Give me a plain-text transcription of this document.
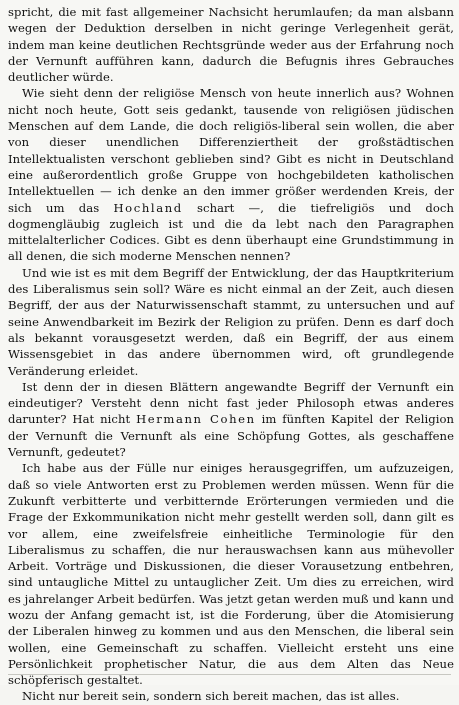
spricht, die mit fast allgemeiner Nachsicht herumlaufen; da man alsbann wegen der Deduktion derselben in nicht geringe Verlegenheit gerät, indem man keine deutlichen Rechtsgründe weder aus der Erfahrung noch der Vernunft aufführen kann, dadurch die Befugnis ihres Gebrauches deutlicher würde.

Wie sieht denn der religiöse Mensch von heute innerlich aus? Wohnen nicht noch heute, Gott seis gedankt, tausende von religiösen jüdischen Menschen auf dem Lande, die doch religiös-liberal sein wollen, die aber von dieser unendlichen Differenziertheit der großstädtischen Intellektualisten verschont geblieben sind? Gibt es nicht in Deutschland eine außerordentlich große Gruppe von hochgebildeten katholischen Intellektuellen — ich denke an den immer größer werdenden Kreis, der sich um das Hochland schart —, die tiefreligiös und doch dogmengläubig zugleich ist und die da lebt nach den Paragraphen mittelalterlicher Codices. Gibt es denn überhaupt eine Grundstimmung in all denen, die sich moderne Menschen nennen?

Und wie ist es mit dem Begriff der Entwicklung, der das Hauptkriterium des Liberalismus sein soll? Wäre es nicht einmal an der Zeit, auch diesen Begriff, der aus der Naturwissenschaft stammt, zu untersuchen und auf seine Anwendbarkeit im Bezirk der Religion zu prüfen. Denn es darf doch als bekannt vorausgesetzt werden, daß ein Begriff, der aus einem Wissensgebiet in das andere übernommen wird, oft grundlegende Veränderung erleidet.

Ist denn der in diesen Blättern angewandte Begriff der Vernunft ein eindeutiger? Versteht denn nicht fast jeder Philosoph etwas anderes darunter? Hat nicht Hermann Cohen im fünften Kapitel der Religion der Vernunft die Vernunft als eine Schöpfung Gottes, als geschaffene Vernunft, gedeutet?

Ich habe aus der Fülle nur einiges herausgegriffen, um aufzuzeigen, daß so viele Antworten erst zu Problemen werden müssen. Wenn für die Zukunft verbitterte und verbitternde Erörterungen vermieden und die Frage der Exkommunikation nicht mehr gestellt werden soll, dann gilt es vor allem, eine zweifelsfreie einheitliche Terminologie für den Liberalismus zu schaffen, die nur herauswachsen kann aus mühevoller Arbeit. Vorträge und Diskussionen, die dieser Vorausetzung entbehren, sind untaugliche Mittel zu untauglicher Zeit. Um dies zu erreichen, wird es jahrelanger Arbeit bedürfen. Was jetzt getan werden muß und kann und wozu der Anfang gemacht ist, ist die Forderung, über die Atomisierung der Liberalen hinweg zu kommen und aus den Menschen, die liberal sein wollen, eine Gemeinschaft zu schaffen. Vielleicht ersteht uns eine Persönlichkeit prophetischer Natur, die aus dem Alten das Neue schöpferisch gestaltet.

Nicht nur bereit sein, sondern sich bereit machen, das ist alles.
